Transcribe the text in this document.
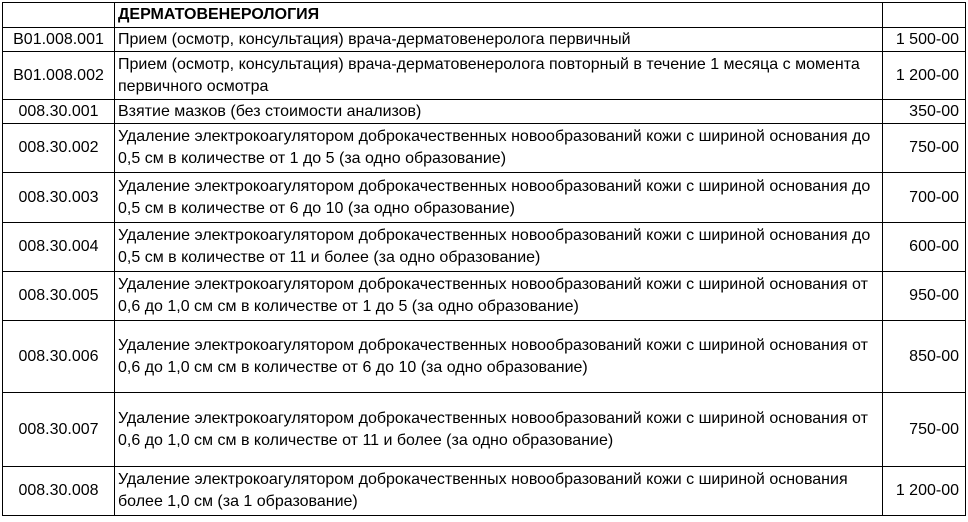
	ДЕРМАТОВЕНЕРОЛОГИЯ	
В01.008.001	Прием (осмотр, консультация) врача-дерматовенеролога первичный	1 500-00
В01.008.002	Прием (осмотр, консультация) врача-дерматовенеролога повторный в течение 1 месяца с момента первичного осмотра	1 200-00
008.30.001	Взятие мазков (без стоимости анализов)	350-00
008.30.002	Удаление электрокоагулятором доброкачественных новообразований кожи с шириной основания до 0,5 см в количестве от 1 до 5 (за одно образование)	750-00
008.30.003	Удаление электрокоагулятором доброкачественных новообразований кожи с шириной основания до 0,5 см в количестве от 6 до 10 (за одно образование)	700-00
008.30.004	Удаление электрокоагулятором доброкачественных новообразований кожи с шириной основания до 0,5 см в количестве от 11 и более (за одно образование)	600-00
008.30.005	Удаление электрокоагулятором доброкачественных новообразований кожи с шириной основания от 0,6 до 1,0 см см в количестве от 1 до 5 (за одно образование)	950-00
008.30.006	Удаление электрокоагулятором доброкачественных новообразований кожи с шириной основания от 0,6 до 1,0 см см в количестве от 6 до 10 (за одно образование)	850-00
008.30.007	Удаление электрокоагулятором доброкачественных новообразований кожи с шириной основания от 0,6 до 1,0 см см в количестве от 11 и более (за одно образование)	750-00
008.30.008	Удаление электрокоагулятором доброкачественных новообразований кожи с шириной основания более 1,0 см (за 1 образование)	1 200-00
